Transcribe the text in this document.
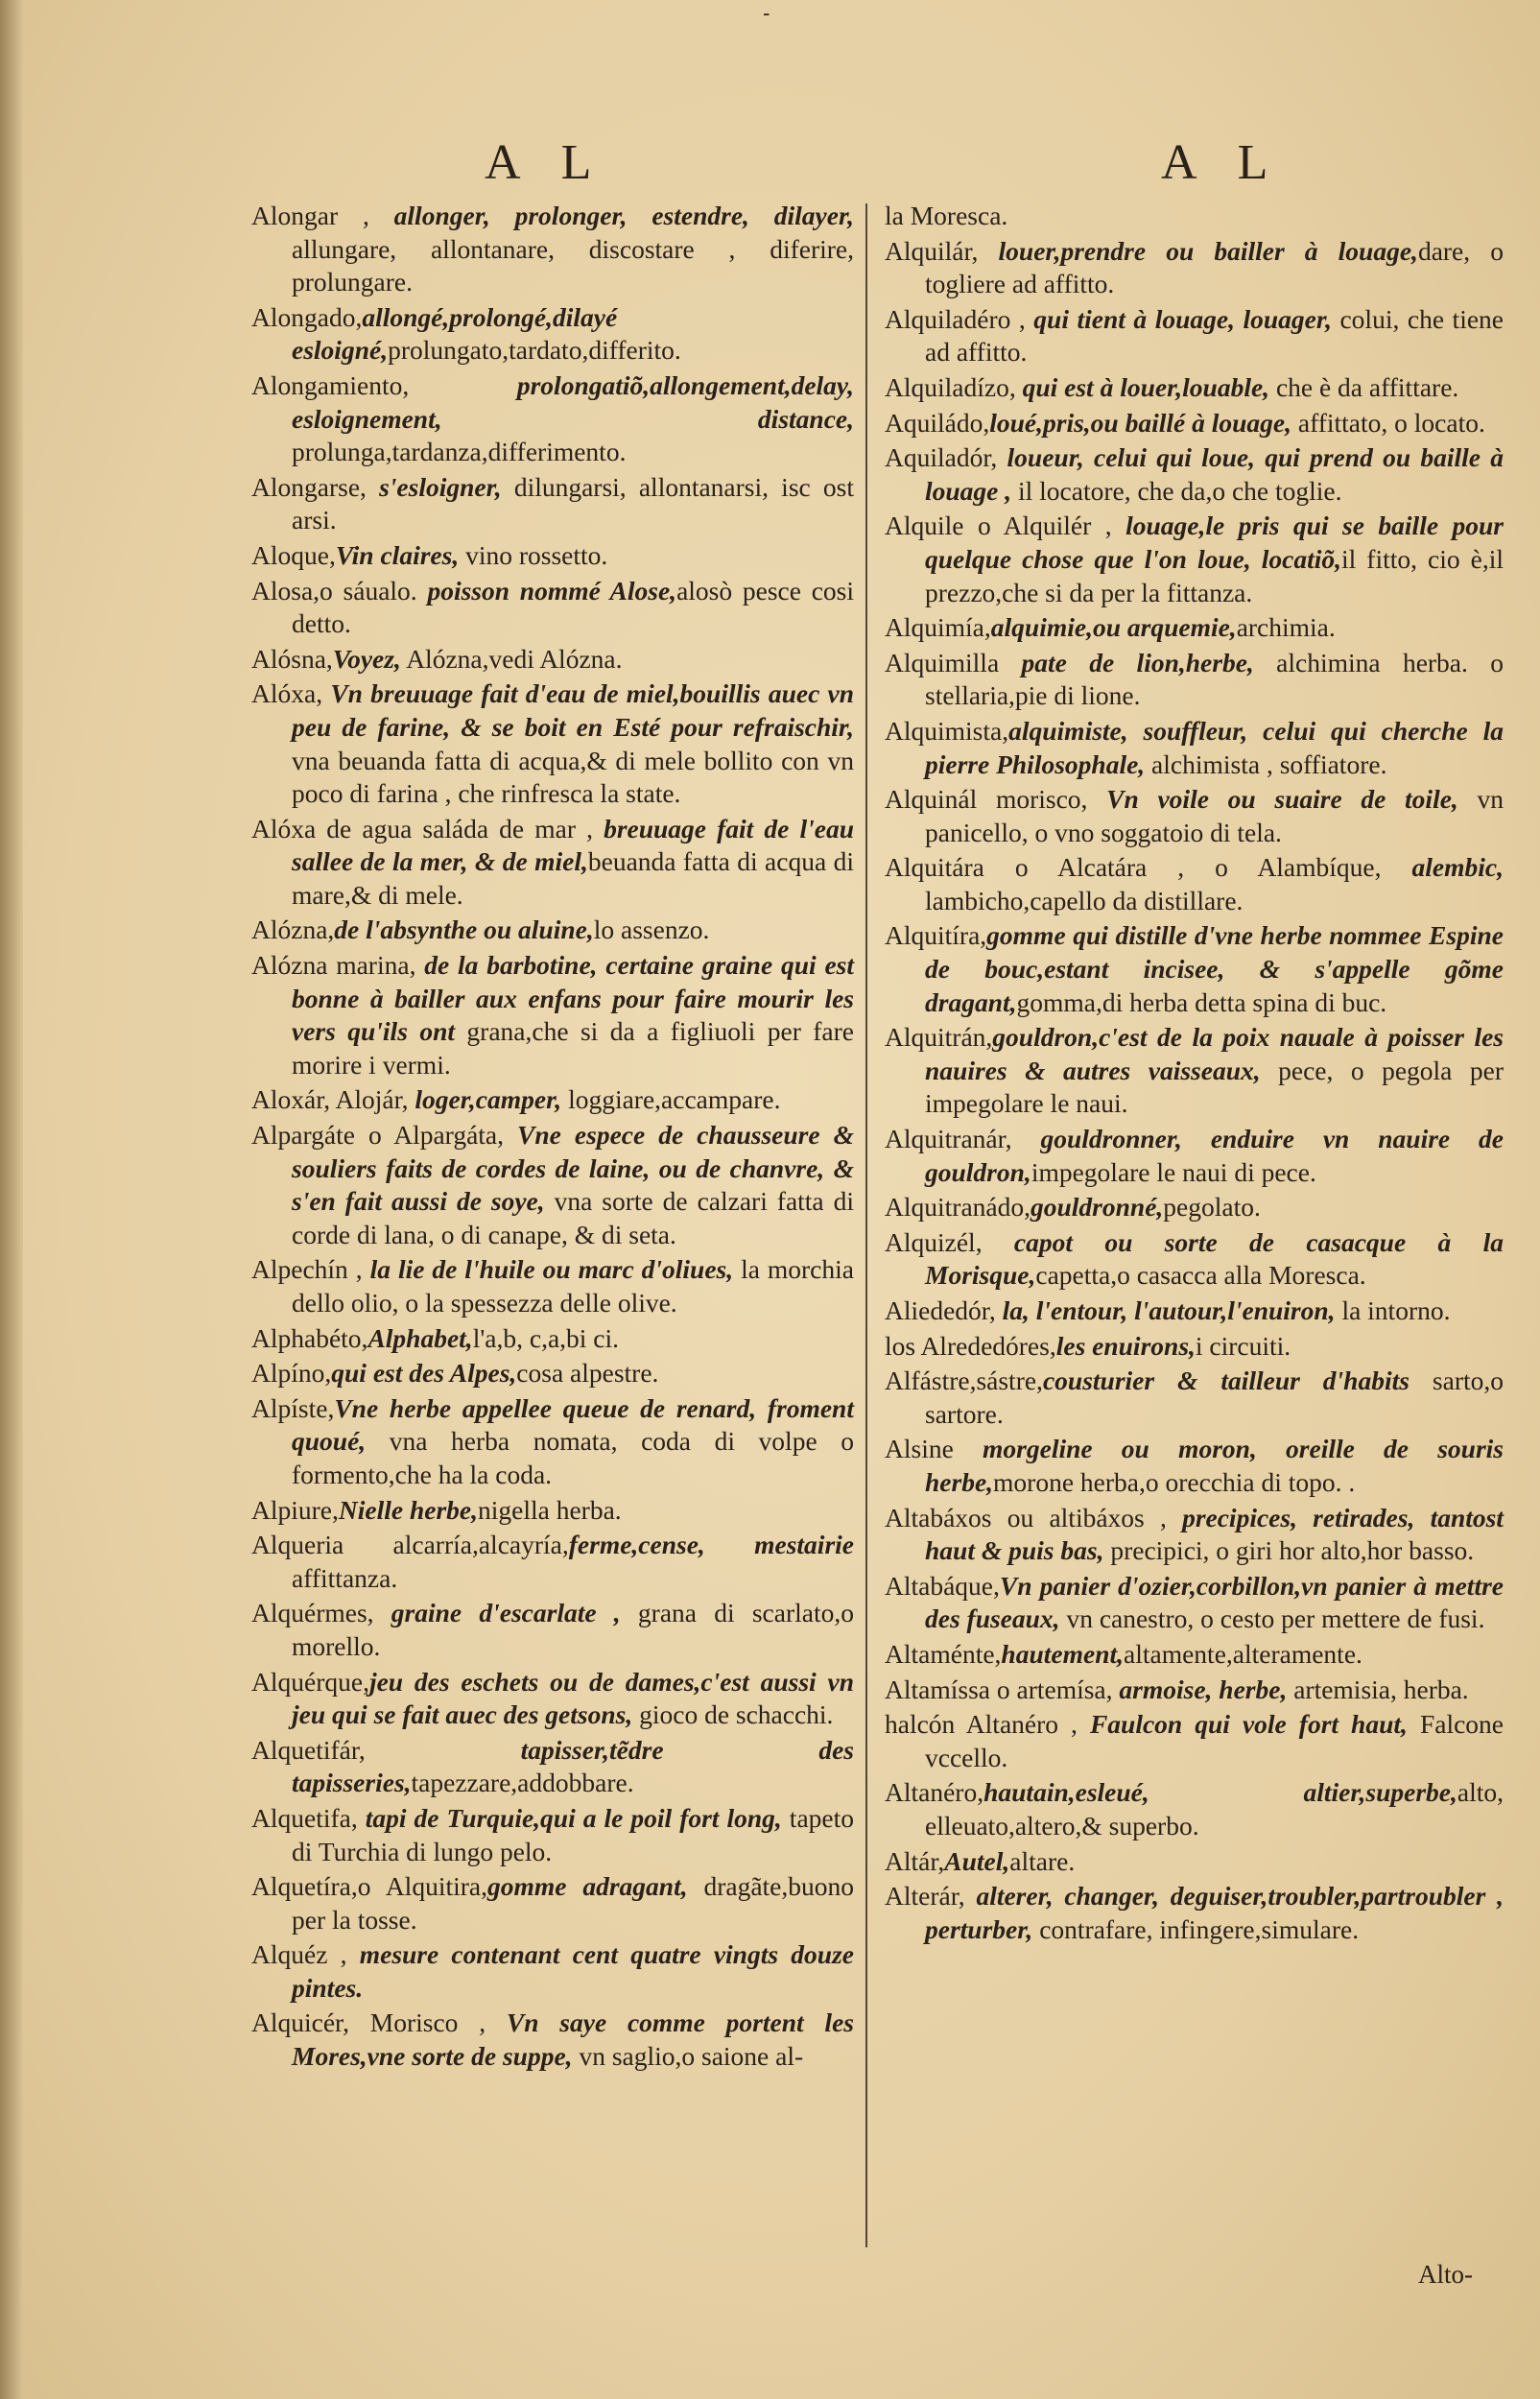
-
A L	A L
Alongar , allonger, prolonger, estendre, dilayer, allungare, allontanare, discostare , diferire, prolungare.
Alongado,allongé,prolongé,dilayé esloigné,prolungato,tardato,differito.
Alongamiento, prolongatiõ,allongement,delay, esloignement, distance, prolunga,tardanza,differimento.
Alongarse, s'esloigner, dilungarsi, allontanarsi, isc ost arsi.
Aloque,Vin claires, vino rossetto.
Alosa,o sáualo. poisson nommé Alose,alosò pesce cosi detto.
Alósna,Voyez, Alózna,vedi Alózna.
Alóxa, Vn breuuage fait d'eau de miel,bouillis auec vn peu de farine, & se boit en Esté pour refraischir, vna beuanda fatta di acqua,& di mele bollito con vn poco di farina , che rinfresca la state.
Alóxa de agua saláda de mar , breuuage fait de l'eau sallee de la mer, & de miel,beuanda fatta di acqua di mare,& di mele.
Alózna,de l'absynthe ou aluine,lo assenzo.
Alózna marina, de la barbotine, certaine graine qui est bonne à bailler aux enfans pour faire mourir les vers qu'ils ont grana,che si da a figliuoli per fare morire i vermi.
Aloxár, Alojár, loger,camper, loggiare,accampare.
Alpargáte o Alpargáta, Vne espece de chausseure & souliers faits de cordes de laine, ou de chanvre, & s'en fait aussi de soye, vna sorte de calzari fatta di corde di lana, o di canape, & di seta.
Alpechín , la lie de l'huile ou marc d'oliues, la morchia dello olio, o la spessezza delle olive.
Alphabéto,Alphabet,l'a,b, c,a,bi ci.
Alpíno,qui est des Alpes,cosa alpestre.
Alpíste,Vne herbe appellee queue de renard, froment quoué, vna herba nomata, coda di volpe o formento,che ha la coda.
Alpiure,Nielle herbe,nigella herba.
Alqueria alcarría,alcayría,ferme,cense, mestairie affittanza.
Alquérmes, graine d'escarlate , grana di scarlato,o morello.
Alquérque,jeu des eschets ou de dames,c'est aussi vn jeu qui se fait auec des getsons, gioco de schacchi.
Alquetifár, tapisser,tẽdre des tapisseries,tapezzare,addobbare.
Alquetifa, tapi de Turquie,qui a le poil fort long, tapeto di Turchia di lungo pelo.
Alquetíra,o Alquitira,gomme adragant, dragãte,buono per la tosse.
Alquéz , mesure contenant cent quatre vingts douze pintes.
Alquicér, Morisco , Vn saye comme portent les Mores,vne sorte de suppe, vn saglio,o saione al-
la Moresca.
Alquilár, louer,prendre ou bailler à louage,dare, o togliere ad affitto.
Alquiladéro , qui tient à louage, louager, colui, che tiene ad affitto.
Alquiladízo, qui est à louer,louable, che è da affittare.
Aquiládo,loué,pris,ou baillé à louage, affittato, o locato.
Aquiladór, loueur, celui qui loue, qui prend ou baille à louage , il locatore, che da,o che toglie.
Alquile o Alquilér , louage,le pris qui se baille pour quelque chose que l'on loue, locatiõ,il fitto, cio è,il prezzo,che si da per la fittanza.
Alquimía,alquimie,ou arquemie,archimia.
Alquimilla pate de lion,herbe, alchimina herba. o stellaria,pie di lione.
Alquimista,alquimiste, souffleur, celui qui cherche la pierre Philosophale, alchimista , soffiatore.
Alquinál morisco, Vn voile ou suaire de toile, vn panicello, o vno soggatoio di tela.
Alquitára o Alcatára , o Alambíque, alembic, lambicho,capello da distillare.
Alquitíra,gomme qui distille d'vne herbe nommee Espine de bouc,estant incisee, & s'appelle gõme dragant,gomma,di herba detta spina di buc.
Alquitrán,gouldron,c'est de la poix nauale à poisser les nauires & autres vaisseaux, pece, o pegola per impegolare le naui.
Alquitranár, gouldronner, enduire vn nauire de gouldron,impegolare le naui di pece.
Alquitranádo,gouldronné,pegolato.
Alquizél, capot ou sorte de casacque à la Morisque,capetta,o casacca alla Moresca.
Aliededór, la, l'entour, l'autour,l'enuiron, la intorno.
los Alrededóres,les enuirons,i circuiti.
Alfástre,sástre,cousturier & tailleur d'habits sarto,o sartore.
Alsine morgeline ou moron, oreille de souris herbe,morone herba,o orecchia di topo. .
Altabáxos ou altibáxos , precipices, retirades, tantost haut & puis bas, precipici, o giri hor alto,hor basso.
Altabáque,Vn panier d'ozier,corbillon,vn panier à mettre des fuseaux, vn canestro, o cesto per mettere de fusi.
Altaménte,hautement,altamente,alteramente.
Altamíssa o artemísa, armoise, herbe, artemisia, herba.
halcón Altanéro , Faulcon qui vole fort haut, Falcone vccello.
Altanéro,hautain,esleué, altier,superbe,alto, elleuato,altero,& superbo.
Altár,Autel,altare.
Alterár, alterer, changer, deguiser,troubler,partroubler , perturber, contrafare, infingere,simulare.
Alto-
